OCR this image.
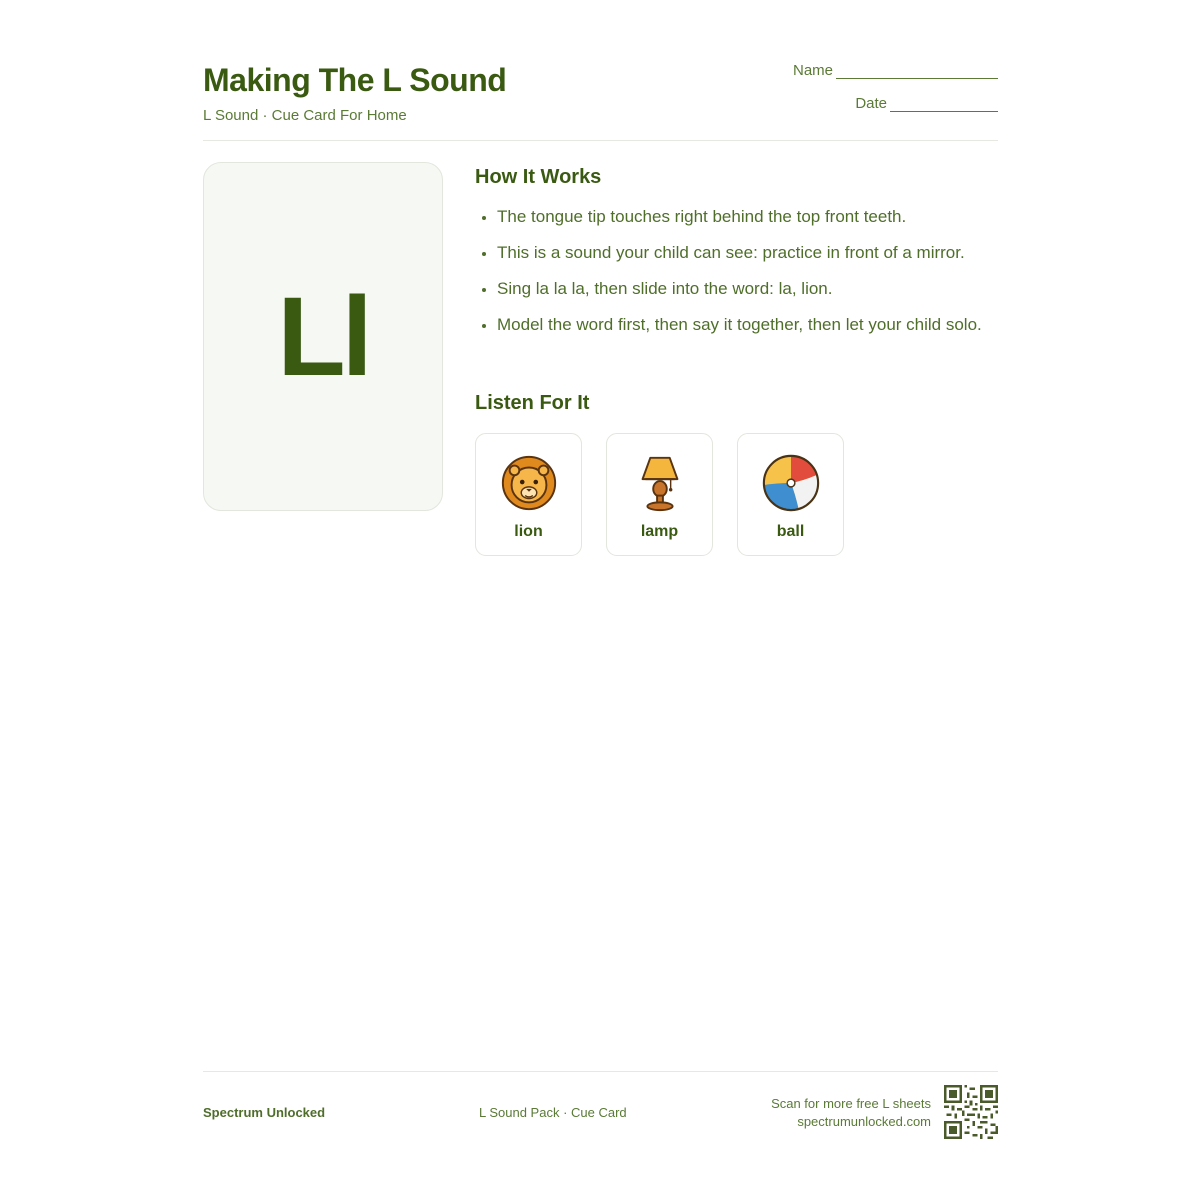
Making The L Sound
L Sound · Cue Card For Home
Name
Date
Ll
How It Works
• The tongue tip touches right behind the top front teeth.
• This is a sound your child can see: practice in front of a mirror.
• Sing la la la, then slide into the word: la, lion.
• Model the word first, then say it together, then let your child solo.
Listen For It
lion	lamp	ball
Spectrum Unlocked	L Sound Pack · Cue Card
Scan for more free L sheets
spectrumunlocked.com
